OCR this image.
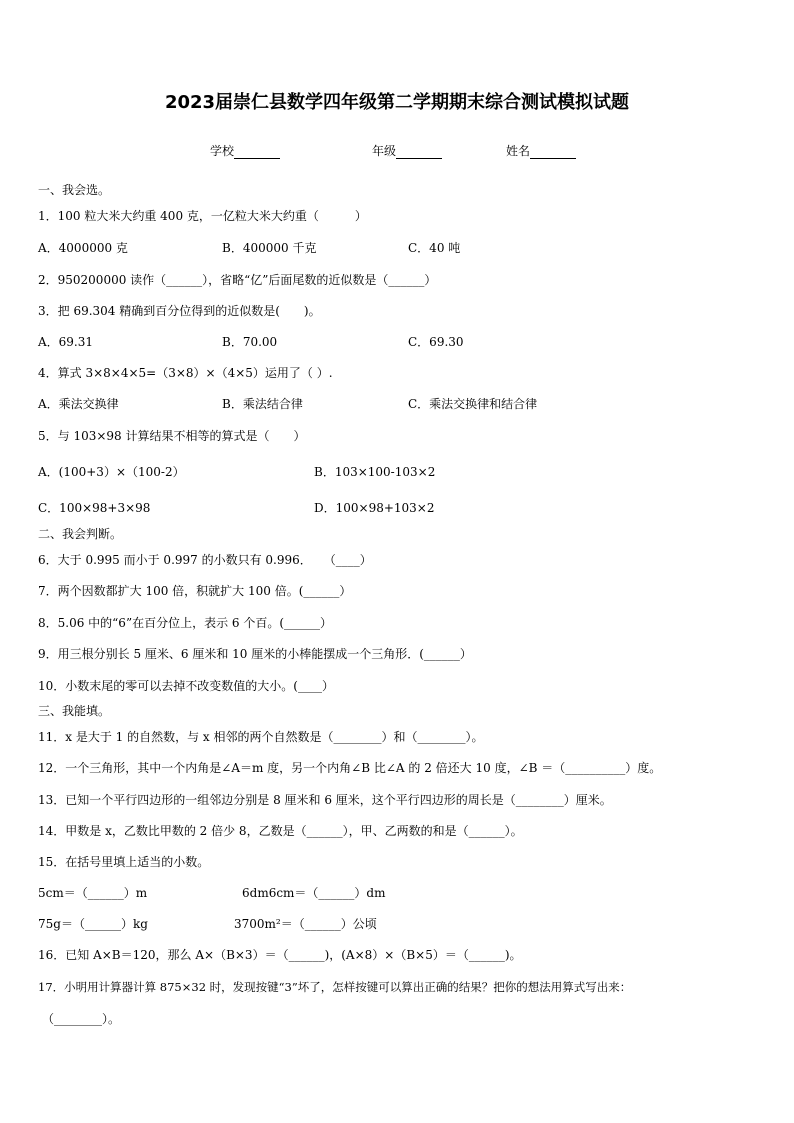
2023届崇仁县数学四年级第二学期期末综合测试模拟试题
学校	年级	姓名
一、我会选。
1．100 粒大米大约重 400 克，一亿粒大米大约重（　　　）
A．4000000 克	B．400000 千克	C．40 吨
2．950200000 读作（______），省略“亿”后面尾数的近似数是（______）
3．把 69.304 精确到百分位得到的近似数是(　　)。
A．69.31	B．70.00	C．69.30
4．算式 3×8×4×5=（3×8）×（4×5）运用了（ ）.
A．乘法交换律	B．乘法结合律	C．乘法交换律和结合律
5．与 103×98 计算结果不相等的算式是（　　）
A．(100+3）×（100-2）	B．103×100-103×2
C．100×98+3×98	D．100×98+103×2
二、我会判断。
6．大于 0.995 而小于 0.997 的小数只有 0.996．　　（____）
7．两个因数都扩大 100 倍，积就扩大 100 倍。(______）
8．5.06 中的“6”在百分位上，表示 6 个百。(______）
9．用三根分别长 5 厘米、6 厘米和 10 厘米的小棒能摆成一个三角形．(______）
10．小数末尾的零可以去掉不改变数值的大小。(____）
三、我能填。
11．x 是大于 1 的自然数，与 x 相邻的两个自然数是（________）和（________）。
12．一个三角形，其中一个内角是∠A＝m 度，另一个内角∠B 比∠A 的 2 倍还大 10 度，∠B ＝（__________）度。
13．已知一个平行四边形的一组邻边分别是 8 厘米和 6 厘米，这个平行四边形的周长是（________）厘米。
14．甲数是 x，乙数比甲数的 2 倍少 8，乙数是（______），甲、乙两数的和是（______）。
15．在括号里填上适当的小数。
5cm＝（______）m	6dm6cm＝（______）dm
75g＝（______）kg	3700m²＝（______）公顷
16．已知 A×B＝120，那么 A×（B×3）＝（______)，(A×8）×（B×5）＝（______)。
17．小明用计算器计算 875×32 时，发现按键“3”坏了，怎样按键可以算出正确的结果？把你的想法用算式写出来：
（________）。
